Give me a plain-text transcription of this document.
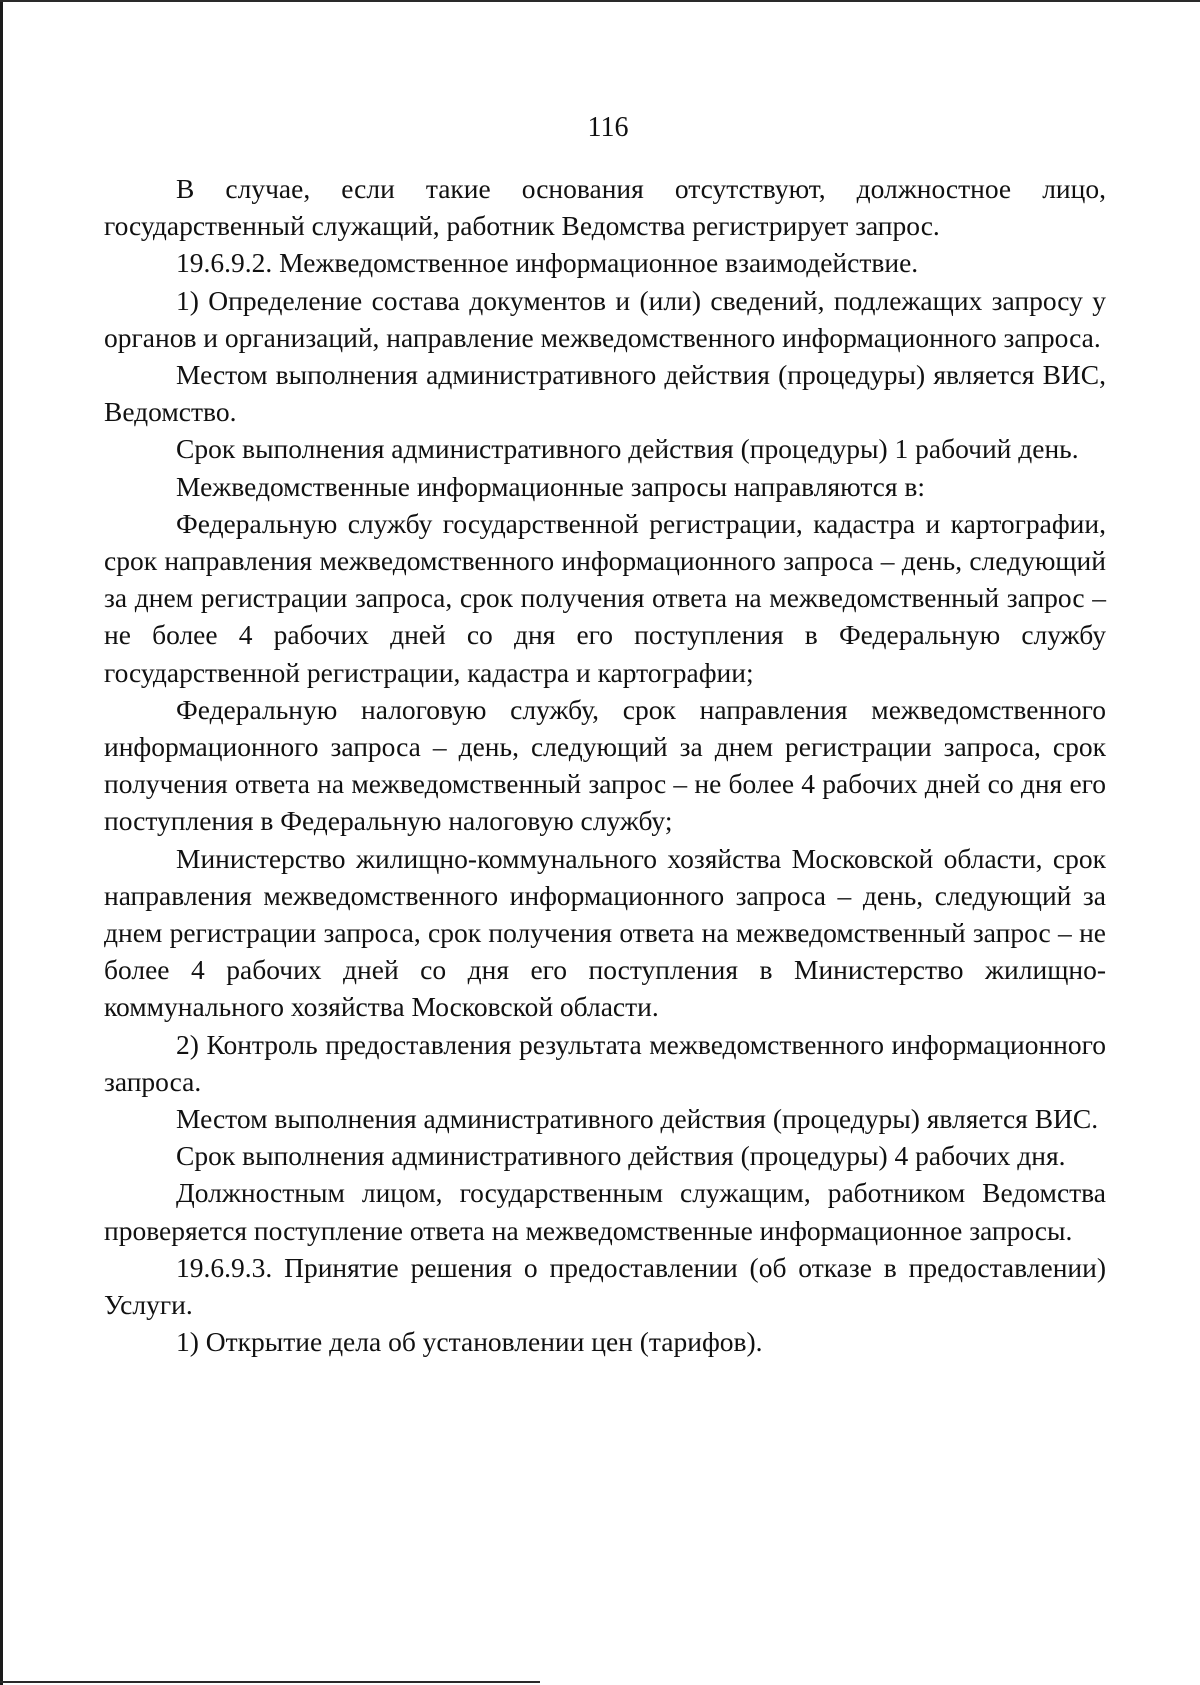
116

В случае, если такие основания отсутствуют, должностное лицо, государственный служащий, работник Ведомства регистрирует запрос.

19.6.9.2. Межведомственное информационное взаимодействие.

1) Определение состава документов и (или) сведений, подлежащих запросу у органов и организаций, направление межведомственного информационного запроса.

Местом выполнения административного действия (процедуры) является ВИС, Ведомство.

Срок выполнения административного действия (процедуры) 1 рабочий день.

Межведомственные информационные запросы направляются в:

Федеральную службу государственной регистрации, кадастра и картографии, срок направления межведомственного информационного запроса – день, следующий за днем регистрации запроса, срок получения ответа на межведомственный запрос – не более 4 рабочих дней со дня его поступления в Федеральную службу государственной регистрации, кадастра и картографии;

Федеральную налоговую службу, срок направления межведомственного информационного запроса – день, следующий за днем регистрации запроса, срок получения ответа на межведомственный запрос – не более 4 рабочих дней со дня его поступления в Федеральную налоговую службу;

Министерство жилищно-коммунального хозяйства Московской области, срок направления межведомственного информационного запроса – день, следующий за днем регистрации запроса, срок получения ответа на межведомственный запрос – не более 4 рабочих дней со дня его поступления в Министерство жилищно-коммунального хозяйства Московской области.

2) Контроль предоставления результата межведомственного информационного запроса.

Местом выполнения административного действия (процедуры) является ВИС.

Срок выполнения административного действия (процедуры) 4 рабочих дня.

Должностным лицом, государственным служащим, работником Ведомства проверяется поступление ответа на межведомственные информационное запросы.

19.6.9.3. Принятие решения о предоставлении (об отказе в предоставлении) Услуги.

1) Открытие дела об установлении цен (тарифов).
